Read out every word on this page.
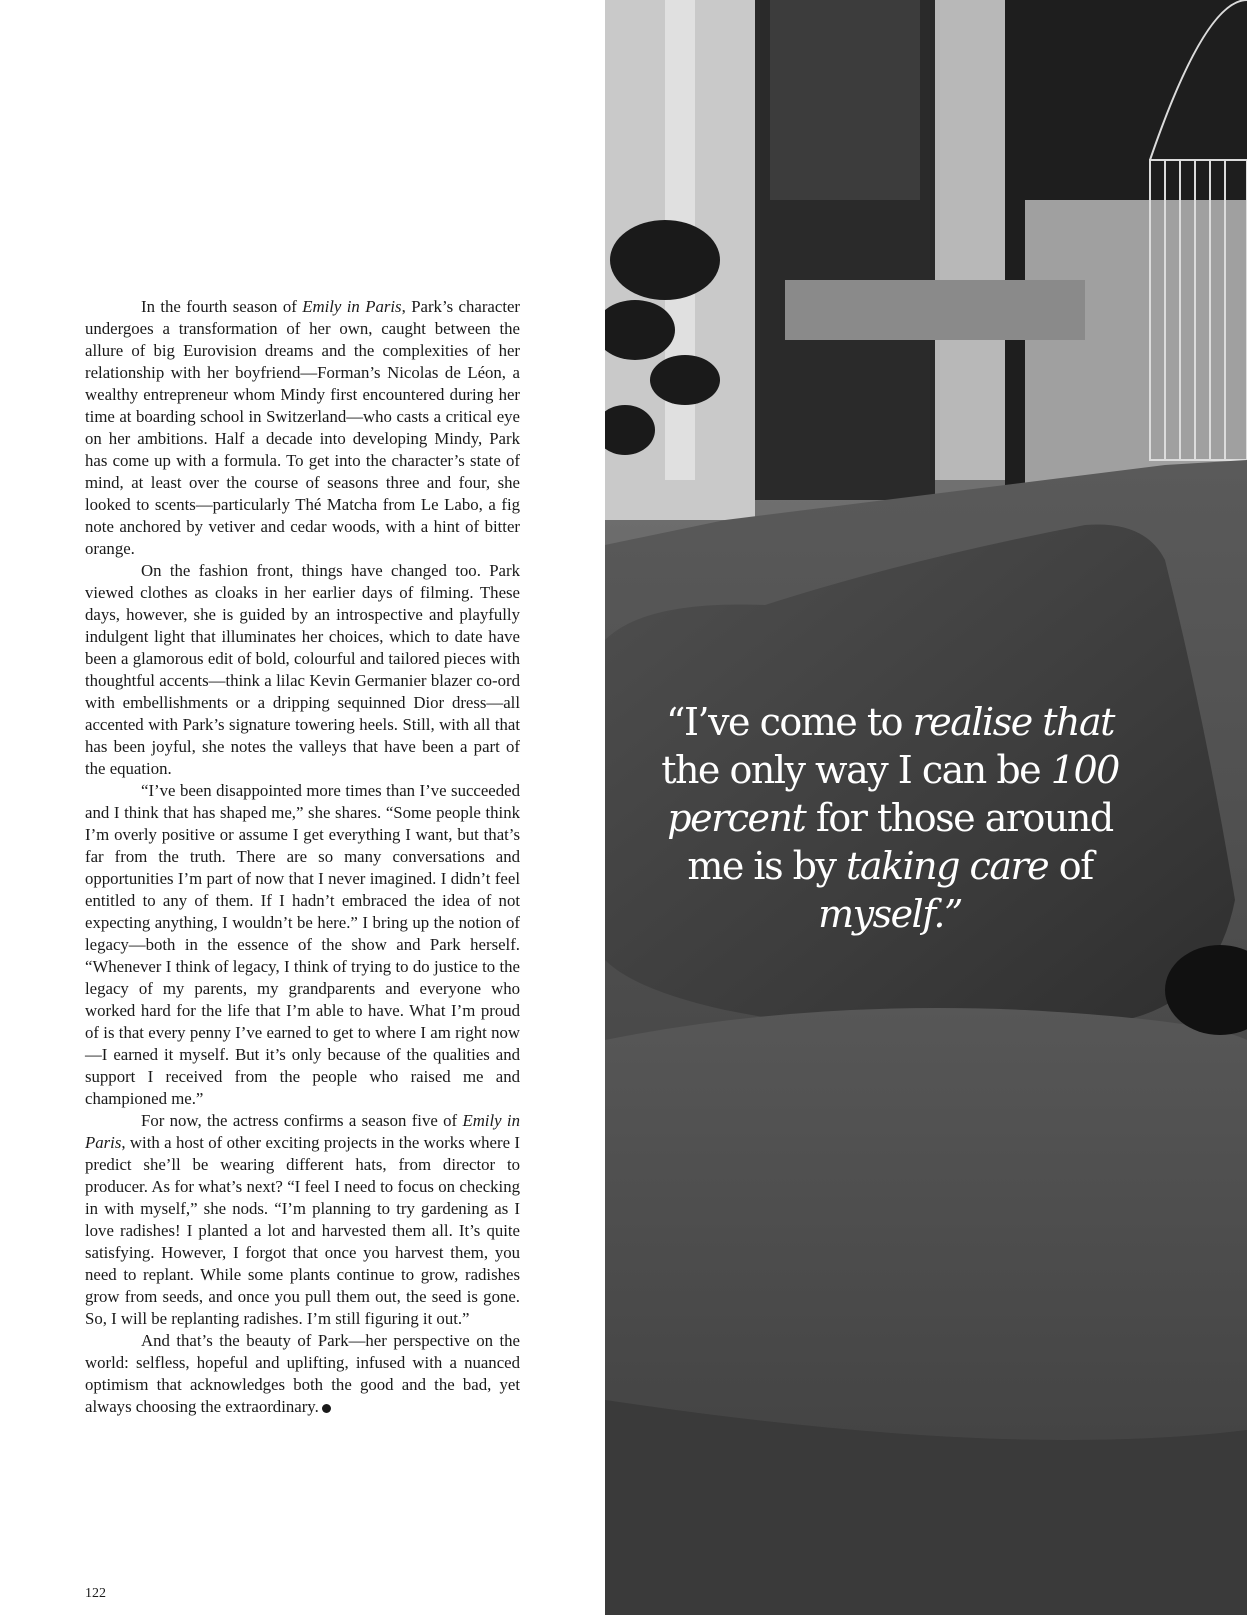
In the fourth season of Emily in Paris, Park’s character undergoes a transformation of her own, caught between the allure of big Eurovision dreams and the complexities of her relationship with her boyfriend—Forman’s Nicolas de Léon, a wealthy entrepreneur whom Mindy first encountered during her time at boarding school in Switzerland—who casts a critical eye on her ambitions. Half a decade into developing Mindy, Park has come up with a formula. To get into the character’s state of mind, at least over the course of seasons three and four, she looked to scents—particularly Thé Matcha from Le Labo, a fig note anchored by vetiver and cedar woods, with a hint of bitter orange.

On the fashion front, things have changed too. Park viewed clothes as cloaks in her earlier days of filming. These days, however, she is guided by an introspective and playfully indulgent light that illuminates her choices, which to date have been a glamorous edit of bold, colourful and tailored pieces with thoughtful accents—think a lilac Kevin Germanier blazer co-ord with embellishments or a dripping sequinned Dior dress—all accented with Park’s signature towering heels. Still, with all that has been joyful, she notes the valleys that have been a part of the equation.

“I’ve been disappointed more times than I’ve succeeded and I think that has shaped me,” she shares. “Some people think I’m overly positive or assume I get everything I want, but that’s far from the truth. There are so many conversations and opportunities I’m part of now that I never imagined. I didn’t feel entitled to any of them. If I hadn’t embraced the idea of not expecting anything, I wouldn’t be here.” I bring up the notion of legacy—both in the essence of the show and Park herself. “Whenever I think of legacy, I think of trying to do justice to the legacy of my parents, my grandparents and everyone who worked hard for the life that I’m able to have. What I’m proud of is that every penny I’ve earned to get to where I am right now—I earned it myself. But it’s only because of the qualities and support I received from the people who raised me and championed me.”

For now, the actress confirms a season five of Emily in Paris, with a host of other exciting projects in the works where I predict she’ll be wearing different hats, from director to producer. As for what’s next? “I feel I need to focus on checking in with myself,” she nods. “I’m planning to try gardening as I love radishes! I planted a lot and harvested them all. It’s quite satisfying. However, I forgot that once you harvest them, you need to replant. While some plants continue to grow, radishes grow from seeds, and once you pull them out, the seed is gone. So, I will be replanting radishes. I’m still figuring it out.”

And that’s the beauty of Park—her perspective on the world: selfless, hopeful and uplifting, infused with a nuanced optimism that acknowledges both the good and the bad, yet always choosing the extraordinary.

122
“I’ve come to realise that the only way I can be 100 percent for those around me is by taking care of myself.”
